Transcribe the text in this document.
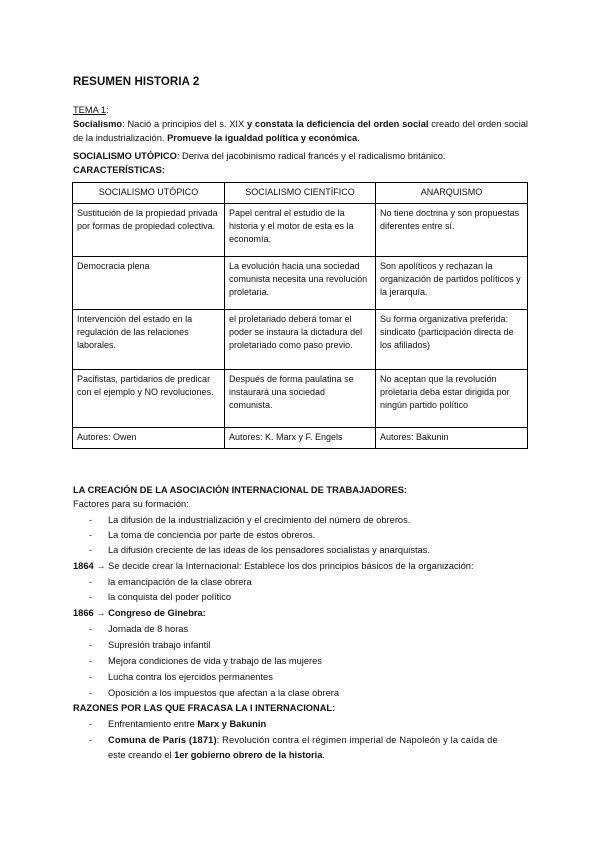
RESUMEN HISTORIA 2
TEMA 1:
Socialismo: Nació a principios del s. XIX y constata la deficiencia del orden social creado del orden social de la industrialización. Promueve la igualdad política y económica.
SOCIALISMO UTÓPICO: Deriva del jacobinismo radical francés y el radicalismo británico.
CARACTERÍSTICAS:
SOCIALISMO UTÓPICO	SOCIALISMO CIENTÍFICO	ANARQUISMO
Sustitución de la propiedad privada por formas de propiedad colectiva.	Papel central el estudio de la historia y el motor de esta es la economía.	No tiene doctrina y son propuestas diferentes entre sí.
Democracia plena	La evolución hacia una sociedad comunista necesita una revolución proletaria.	Son apolíticos y rechazan la organización de partidos políticos y la jerarquía.
Intervención del estado en la regulación de las relaciones laborales.	el proletariado deberá tomar el poder se instaura la dictadura del proletariado como paso previo.	Su forma organizativa preferida: sindicato (participación directa de los afiliados)
Pacifistas, partidarios de predicar con el ejemplo y NO revoluciones.	Después de forma paulatina se instaurará una sociedad comunista.	No aceptan que la revolución proletaria deba estar dirigida por ningún partido político
Autores: Owen	Autores: K. Marx y F. Engels	Autores: Bakunin
LA CREACIÓN DE LA ASOCIACIÓN INTERNACIONAL DE TRABAJADORES:
Factores para su formación:
- La difusión de la industrialización y el crecimiento del número de obreros.
- La toma de conciencia por parte de estos obreros.
- La difusión creciente de las ideas de los pensadores socialistas y anarquistas.
1864 → Se decide crear la Internacional: Establece los dos principios básicos de la organización:
- la emancipación de la clase obrera
- la conquista del poder político
1866 → Congreso de Ginebra:
- Jornada de 8 horas
- Supresión trabajo infantil
- Mejora condiciones de vida y trabajo de las mujeres
- Lucha contra los ejercidos permanentes
- Oposición a los impuestos que afectan a la clase obrera
RAZONES POR LAS QUE FRACASA LA I INTERNACIONAL:
- Enfrentamiento entre Marx y Bakunin
- Comuna de París (1871): Revolución contra el régimen imperial de Napoleón y la caída de
este creando el 1er gobierno obrero de la historia.
